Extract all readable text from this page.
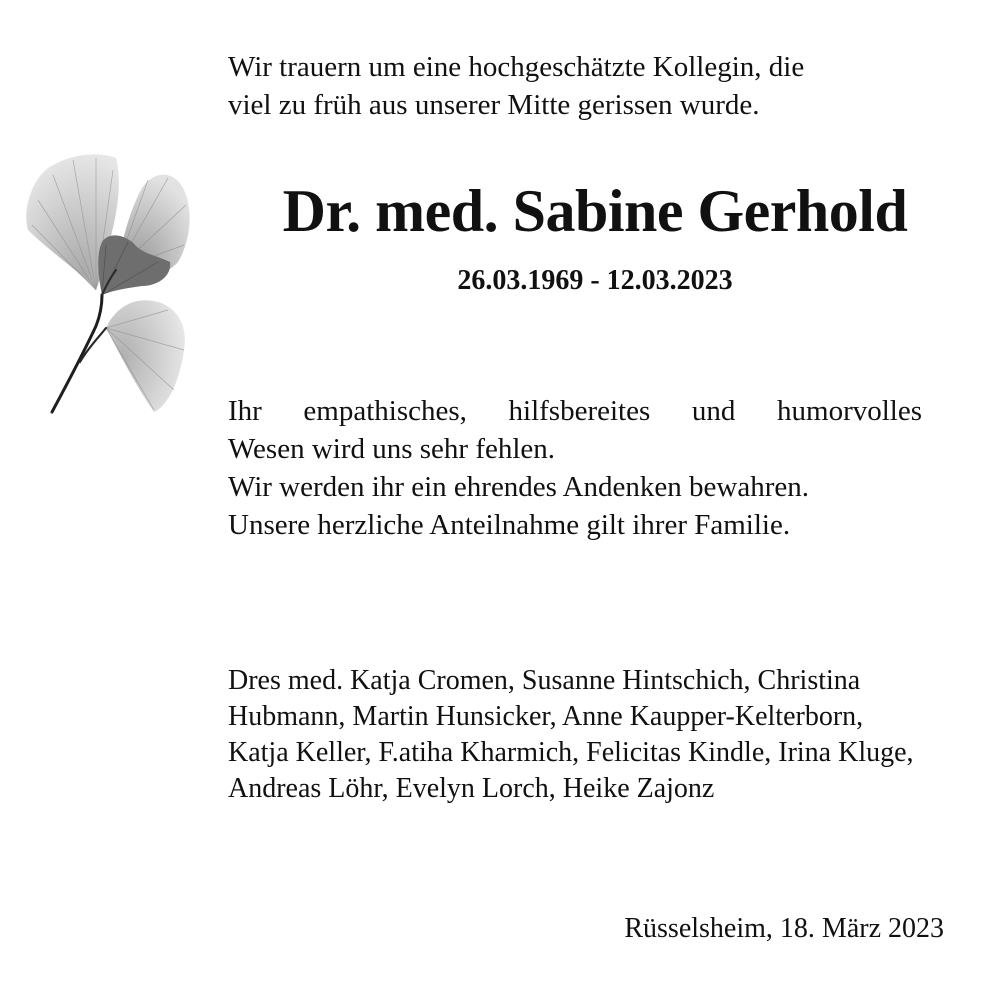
Wir trauern um eine hochgeschätzte Kollegin, die
viel zu früh aus unserer Mitte gerissen wurde.
Dr. med. Sabine Gerhold
26.03.1969 - 12.03.2023
Ihr empathisches, hilfsbereites und humorvolles
Wesen wird uns sehr fehlen.
Wir werden ihr ein ehrendes Andenken bewahren.
Unsere herzliche Anteilnahme gilt ihrer Familie.
Dres med. Katja Cromen, Susanne Hintschich, Christina
Hubmann, Martin Hunsicker, Anne Kaupper-Kelterborn,
Katja Keller, F.atiha Kharmich, Felicitas Kindle, Irina Kluge,
Andreas Löhr, Evelyn Lorch, Heike Zajonz
Rüsselsheim, 18. März 2023
